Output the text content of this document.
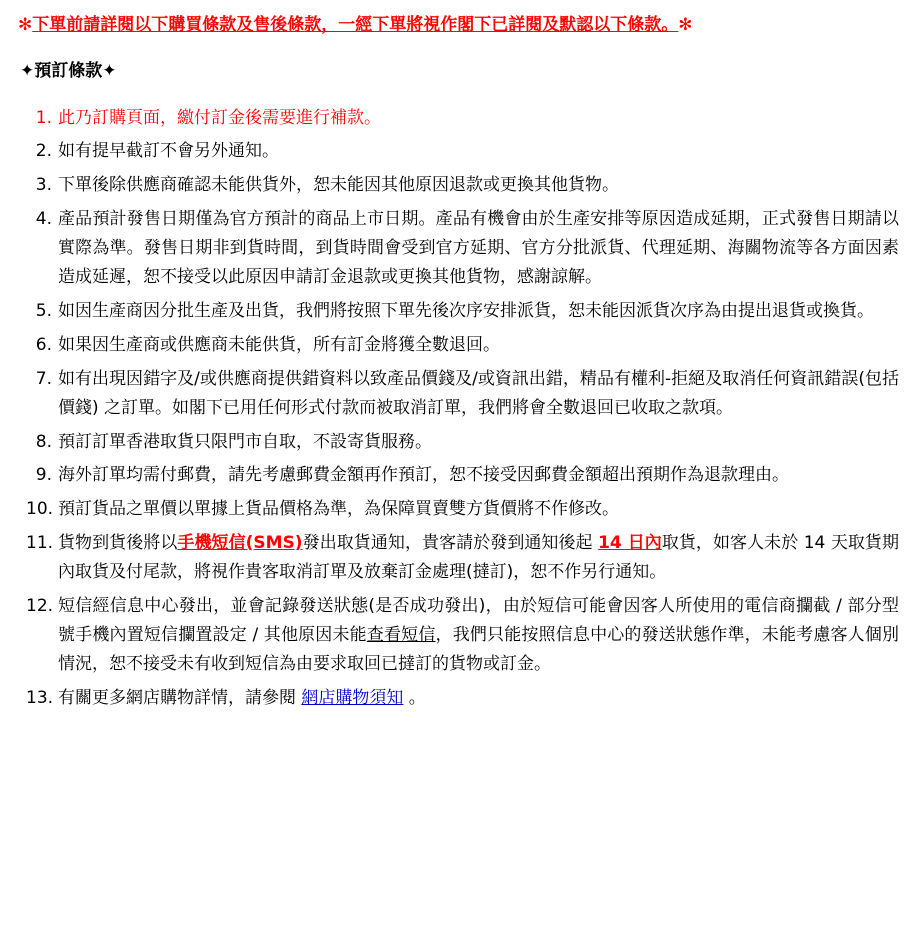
✻下單前請詳閱以下購買條款及售後條款，一經下單將視作閣下已詳閱及默認以下條款。✻
✦預訂條款✦
此乃訂購頁面，繳付訂金後需要進行補款。
如有提早截訂不會另外通知。
下單後除供應商確認未能供貨外，恕未能因其他原因退款或更換其他貨物。
產品預計發售日期僅為官方預計的商品上市日期。產品有機會由於生產安排等原因造成延期，正式發售日期請以實際為準。發售日期非到貨時間，到貨時間會受到官方延期、官方分批派貨、代理延期、海關物流等各方面因素造成延遲，恕不接受以此原因申請訂金退款或更換其他貨物，感謝諒解。
如因生產商因分批生產及出貨，我們將按照下單先後次序安排派貨，恕未能因派貨次序為由提出退貨或換貨。
如果因生產商或供應商未能供貨，所有訂金將獲全數退回。
如有出現因錯字及/或供應商提供錯資料以致產品價錢及/或資訊出錯，精品有權利-拒絕及取消任何資訊錯誤(包括價錢) 之訂單。如閣下已用任何形式付款而被取消訂單，我們將會全數退回已收取之款項。
預訂訂單香港取貨只限門市自取，不設寄貨服務。
海外訂單均需付郵費，請先考慮郵費金額再作預訂，恕不接受因郵費金額超出預期作為退款理由。
預訂貨品之單價以單據上貨品價格為準，為保障買賣雙方貨價將不作修改。
貨物到貨後將以手機短信(SMS)發出取貨通知，貴客請於發到通知後起 14 日內取貨，如客人未於 14 天取貨期內取貨及付尾款，將視作貴客取消訂單及放棄訂金處理(撻訂)，恕不作另行通知。
短信經信息中心發出，並會記錄發送狀態(是否成功發出)，由於短信可能會因客人所使用的電信商攔截 / 部分型號手機內置短信攔置設定 / 其他原因未能查看短信，我們只能按照信息中心的發送狀態作準，未能考慮客人個別情況，恕不接受未有收到短信為由要求取回已撻訂的貨物或訂金。
有關更多網店購物詳情，請參閱 網店購物須知 。
